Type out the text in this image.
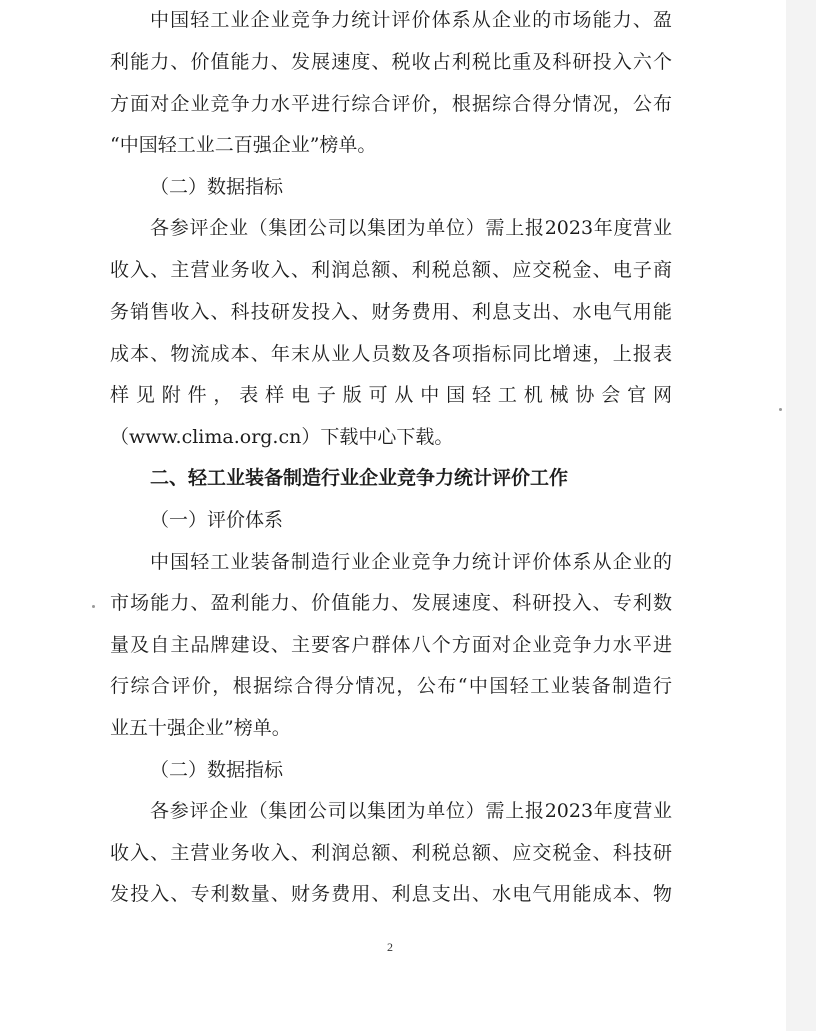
中国轻工业企业竞争力统计评价体系从企业的市场能力、盈
利能力、价值能力、发展速度、税收占利税比重及科研投入六个
方面对企业竞争力水平进行综合评价，根据综合得分情况，公布
“中国轻工业二百强企业”榜单。
（二）数据指标
各参评企业（集团公司以集团为单位）需上报2023年度营业
收入、主营业务收入、利润总额、利税总额、应交税金、电子商
务销售收入、科技研发投入、财务费用、利息支出、水电气用能
成本、物流成本、年末从业人员数及各项指标同比增速，上报表
样见附件，表样电子版可从中国轻工机械协会官网
（www.clima.org.cn）下载中心下载。
二、轻工业装备制造行业企业竞争力统计评价工作
（一）评价体系
中国轻工业装备制造行业企业竞争力统计评价体系从企业的
市场能力、盈利能力、价值能力、发展速度、科研投入、专利数
量及自主品牌建设、主要客户群体八个方面对企业竞争力水平进
行综合评价，根据综合得分情况，公布“中国轻工业装备制造行
业五十强企业”榜单。
（二）数据指标
各参评企业（集团公司以集团为单位）需上报2023年度营业
收入、主营业务收入、利润总额、利税总额、应交税金、科技研
发投入、专利数量、财务费用、利息支出、水电气用能成本、物
2
